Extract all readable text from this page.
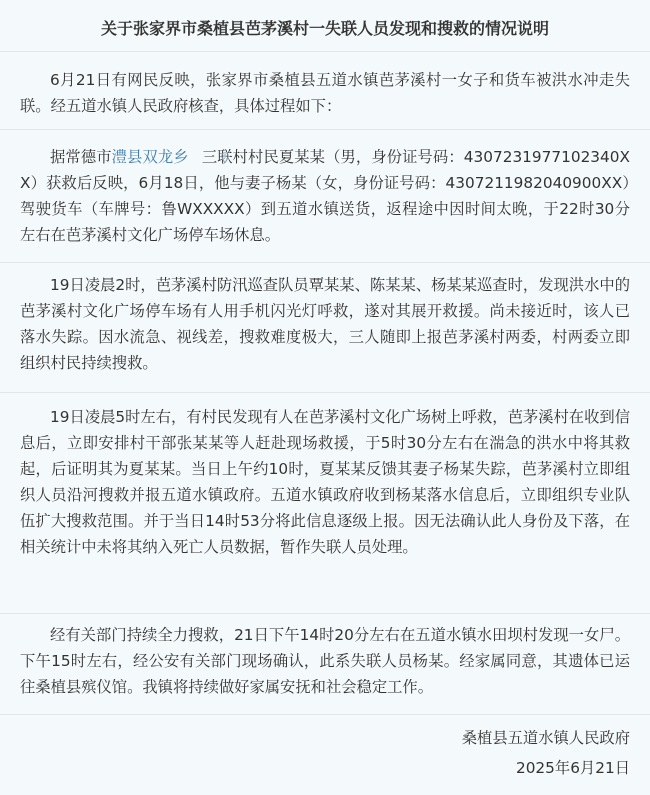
关于张家界市桑植县芭茅溪村一失联人员发现和搜救的情况说明

6月21日有网民反映，张家界市桑植县五道水镇芭茅溪村一女子和货车被洪水冲走失联。经五道水镇人民政府核查，具体过程如下：

据常德市澧县双龙乡 三联村村民夏某某（男，身份证号码：4307231977102340XX）获救后反映，6月18日，他与妻子杨某（女，身份证号码：4307211982040900XX）驾驶货车（车牌号：鲁WXXXXX）到五道水镇送货，返程途中因时间太晚，于22时30分左右在芭茅溪村文化广场停车场休息。

19日凌晨2时，芭茅溪村防汛巡查队员覃某某、陈某某、杨某某巡查时，发现洪水中的芭茅溪村文化广场停车场有人用手机闪光灯呼救，遂对其展开救援。尚未接近时，该人已落水失踪。因水流急、视线差，搜救难度极大，三人随即上报芭茅溪村两委，村两委立即组织村民持续搜救。

19日凌晨5时左右，有村民发现有人在芭茅溪村文化广场树上呼救，芭茅溪村在收到信息后，立即安排村干部张某某等人赶赴现场救援，于5时30分左右在湍急的洪水中将其救起，后证明其为夏某某。当日上午约10时，夏某某反馈其妻子杨某失踪，芭茅溪村立即组织人员沿河搜救并报五道水镇政府。五道水镇政府收到杨某落水信息后，立即组织专业队伍扩大搜救范围。并于当日14时53分将此信息逐级上报。因无法确认此人身份及下落，在相关统计中未将其纳入死亡人员数据，暂作失联人员处理。

经有关部门持续全力搜救，21日下午14时20分左右在五道水镇水田坝村发现一女尸。下午15时左右，经公安有关部门现场确认，此系失联人员杨某。经家属同意，其遗体已运往桑植县殡仪馆。我镇将持续做好家属安抚和社会稳定工作。

桑植县五道水镇人民政府

2025年6月21日
